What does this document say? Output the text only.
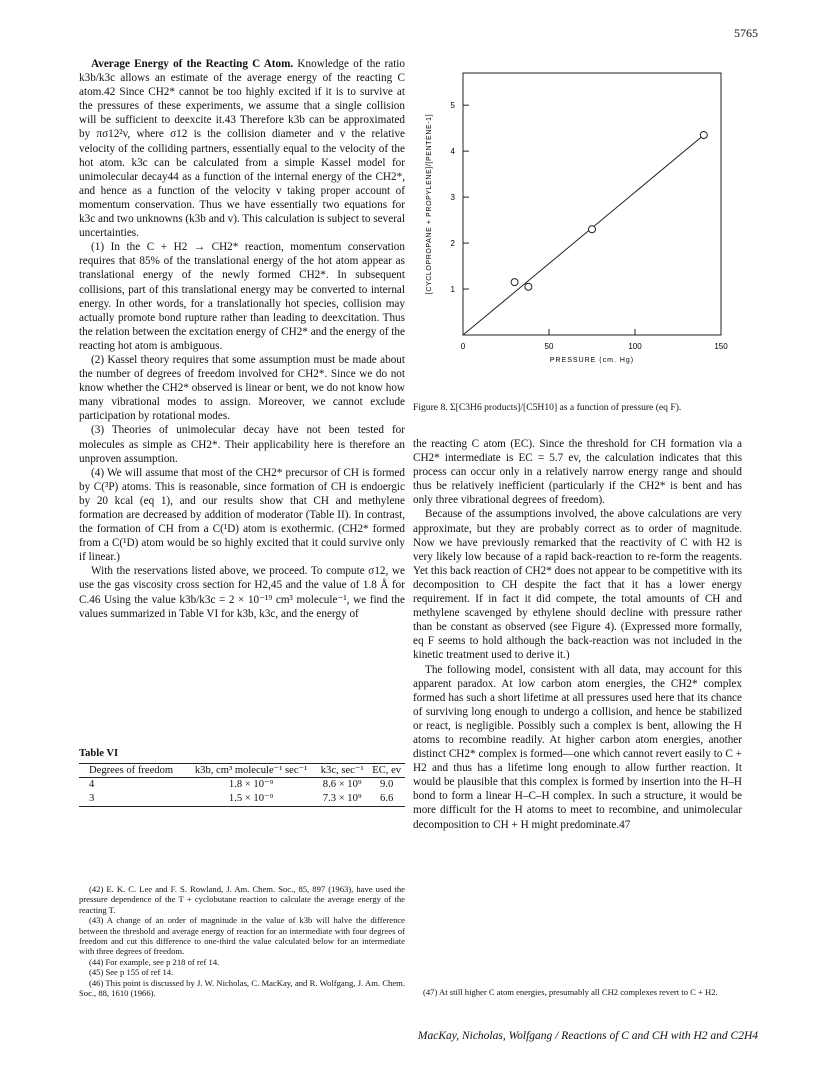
5765

Average Energy of the Reacting C Atom. Knowledge of the ratio k3b/k3c allows an estimate of the average energy of the reacting C atom.42 Since CH2* cannot be too highly excited if it is to survive at the pressures of these experiments, we assume that a single collision will be sufficient to deexcite it.43 Therefore k3b can be approximated by πσ12²v, where σ12 is the collision diameter and v the relative velocity of the colliding partners, essentially equal to the velocity of the hot atom. k3c can be calculated from a simple Kassel model for unimolecular decay44 as a function of the internal energy of the CH2*, and hence as a function of the velocity v taking proper account of momentum conservation. Thus we have essentially two equations for k3c and two unknowns (k3b and v). This calculation is subject to several uncertainties.

(1) In the C + H2 → CH2* reaction, momentum conservation requires that 85% of the translational energy of the hot atom appear as translational energy of the newly formed CH2*. In subsequent collisions, part of this translational energy may be converted to internal energy. In other words, for a translationally hot species, collision may actually promote bond rupture rather than leading to deexcitation. Thus the relation between the excitation energy of CH2* and the energy of the reacting hot atom is ambiguous.

(2) Kassel theory requires that some assumption must be made about the number of degrees of freedom involved for CH2*. Since we do not know whether the CH2* observed is linear or bent, we do not know how many vibrational modes to assign. Moreover, we cannot exclude participation by rotational modes.

(3) Theories of unimolecular decay have not been tested for molecules as simple as CH2*. Their applicability here is therefore an unproven assumption.

(4) We will assume that most of the CH2* precursor of CH is formed by C(³P) atoms. This is reasonable, since formation of CH is endoergic by 20 kcal (eq 1), and our results show that CH and methylene formation are decreased by addition of moderator (Table II). In contrast, the formation of CH from a C(¹D) atom is exothermic. (CH2* formed from a C(¹D) atom would be so highly excited that it could survive only if linear.)

With the reservations listed above, we proceed. To compute σ12, we use the gas viscosity cross section for H2,45 and the value of 1.8 Å for C.46 Using the value k3b/k3c = 2 × 10⁻¹⁹ cm³ molecule⁻¹, we find the values summarized in Table VI for k3b, k3c, and the energy of

Table VI
Degrees of freedom	k3b, cm³ molecule⁻¹ sec⁻¹	k3c, sec⁻¹	EC, ev
4	1.8 × 10⁻⁹	8.6 × 10⁹	9.0
3	1.5 × 10⁻⁹	7.3 × 10⁹	6.6

(42) E. K. C. Lee and F. S. Rowland, J. Am. Chem. Soc., 85, 897 (1963), have used the pressure dependence of the T + cyclobutane reaction to calculate the average energy of the reacting T.

(43) A change of an order of magnitude in the value of k3b will halve the difference between the threshold and average energy of reaction for an intermediate with four degrees of freedom and cut this difference to one-third the value calculated below for an intermediate with three degrees of freedom.

(44) For example, see p 218 of ref 14.

(45) See p 155 of ref 14.

(46) This point is discussed by J. W. Nicholas, C. MacKay, and R. Wolfgang, J. Am. Chem. Soc., 88, 1610 (1966).

0	50	100	150
1
2
3
4
5
PRESSURE (cm. Hg)
[CYCLOPROPANE + PROPYLENE]/[PENTENE-1]
Figure 8. Σ[C3H6 products]/[C5H10] as a function of pressure (eq F).

the reacting C atom (EC). Since the threshold for CH formation via a CH2* intermediate is EC = 5.7 ev, the calculation indicates that this process can occur only in a relatively narrow energy range and should thus be relatively inefficient (particularly if the CH2* is bent and has only three vibrational degrees of freedom).

Because of the assumptions involved, the above calculations are very approximate, but they are probably correct as to order of magnitude. Now we have previously remarked that the reactivity of C with H2 is very likely low because of a rapid back-reaction to re-form the reagents. Yet this back reaction of CH2* does not appear to be competitive with its decomposition to CH despite the fact that it has a lower energy requirement. If in fact it did compete, the total amounts of CH and methylene scavenged by ethylene should decline with pressure rather than be constant as observed (see Figure 4). (Expressed more formally, eq F seems to hold although the back-reaction was not included in the kinetic treatment used to derive it.)

The following model, consistent with all data, may account for this apparent paradox. At low carbon atom energies, the CH2* complex formed has such a short lifetime at all pressures used here that its chance of surviving long enough to undergo a collision, and hence be stabilized or react, is negligible. Possibly such a complex is bent, allowing the H atoms to recombine readily. At higher carbon atom energies, another distinct CH2* complex is formed—one which cannot revert easily to C + H2 and thus has a lifetime long enough to allow further reaction. It would be plausible that this complex is formed by insertion into the H–H bond to form a linear H–C–H complex. In such a structure, it would be more difficult for the H atoms to meet to recombine, and unimolecular decomposition to CH + H might predominate.47

(47) At still higher C atom energies, presumably all CH2 complexes revert to C + H2.

MacKay, Nicholas, Wolfgang / Reactions of C and CH with H2 and C2H4
